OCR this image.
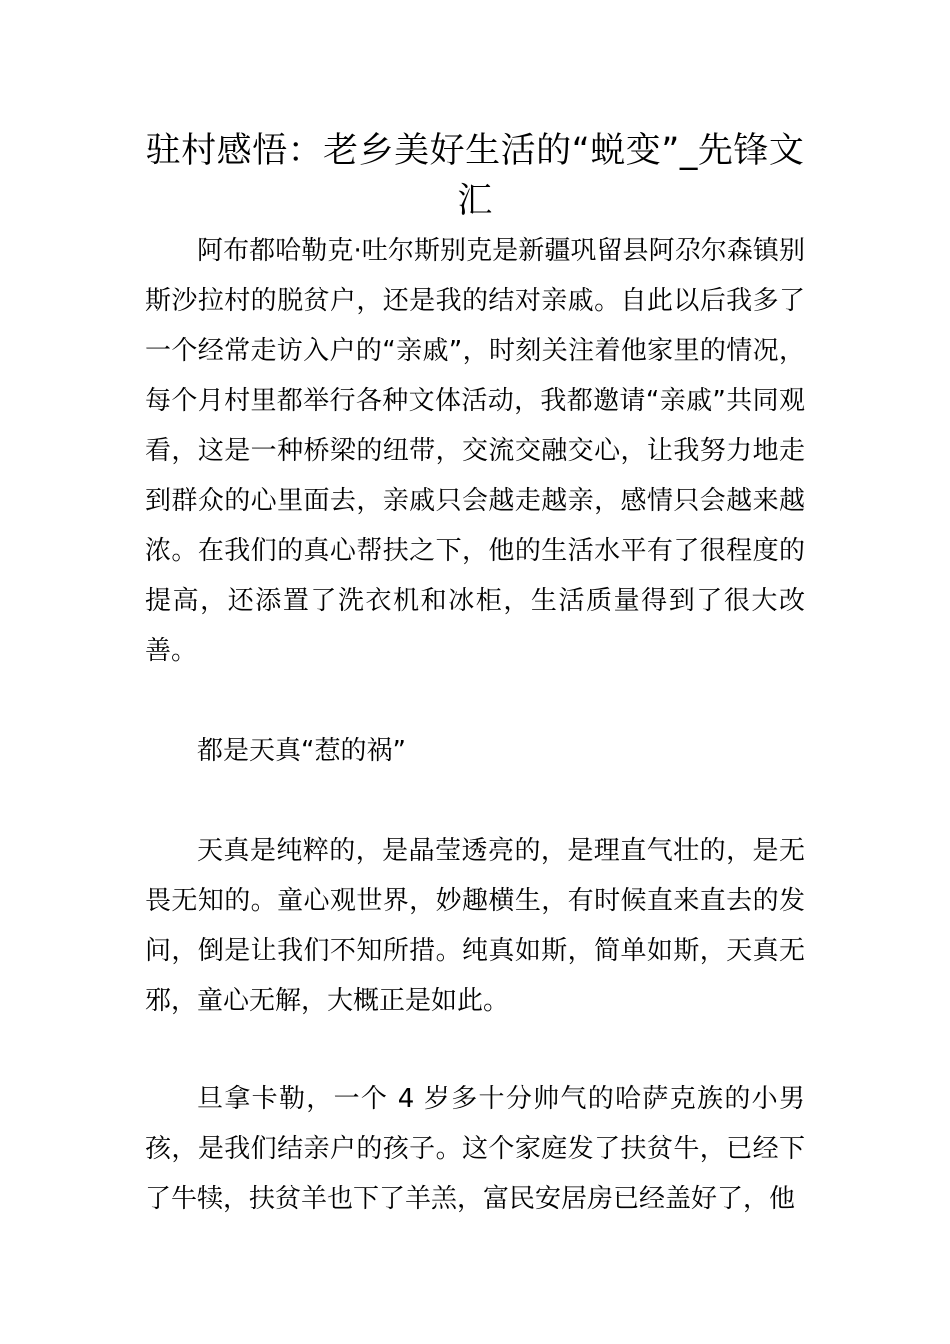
驻村感悟：老乡美好生活的“蜕变”_先锋文汇

阿布都哈勒克·吐尔斯别克是新疆巩留县阿尕尔森镇别斯沙拉村的脱贫户，还是我的结对亲戚。自此以后我多了一个经常走访入户的“亲戚”，时刻关注着他家里的情况，每个月村里都举行各种文体活动，我都邀请“亲戚”共同观看，这是一种桥梁的纽带，交流交融交心，让我努力地走到群众的心里面去，亲戚只会越走越亲，感情只会越来越浓。在我们的真心帮扶之下，他的生活水平有了很程度的提高，还添置了洗衣机和冰柜，生活质量得到了很大改善。

都是天真“惹的祸”

天真是纯粹的，是晶莹透亮的，是理直气壮的，是无畏无知的。童心观世界，妙趣横生，有时候直来直去的发问，倒是让我们不知所措。纯真如斯，简单如斯，天真无邪，童心无解，大概正是如此。

旦拿卡勒，一个 4 岁多十分帅气的哈萨克族的小男孩，是我们结亲户的孩子。这个家庭发了扶贫牛，已经下了牛犊，扶贫羊也下了羊羔，富民安居房已经盖好了，他
